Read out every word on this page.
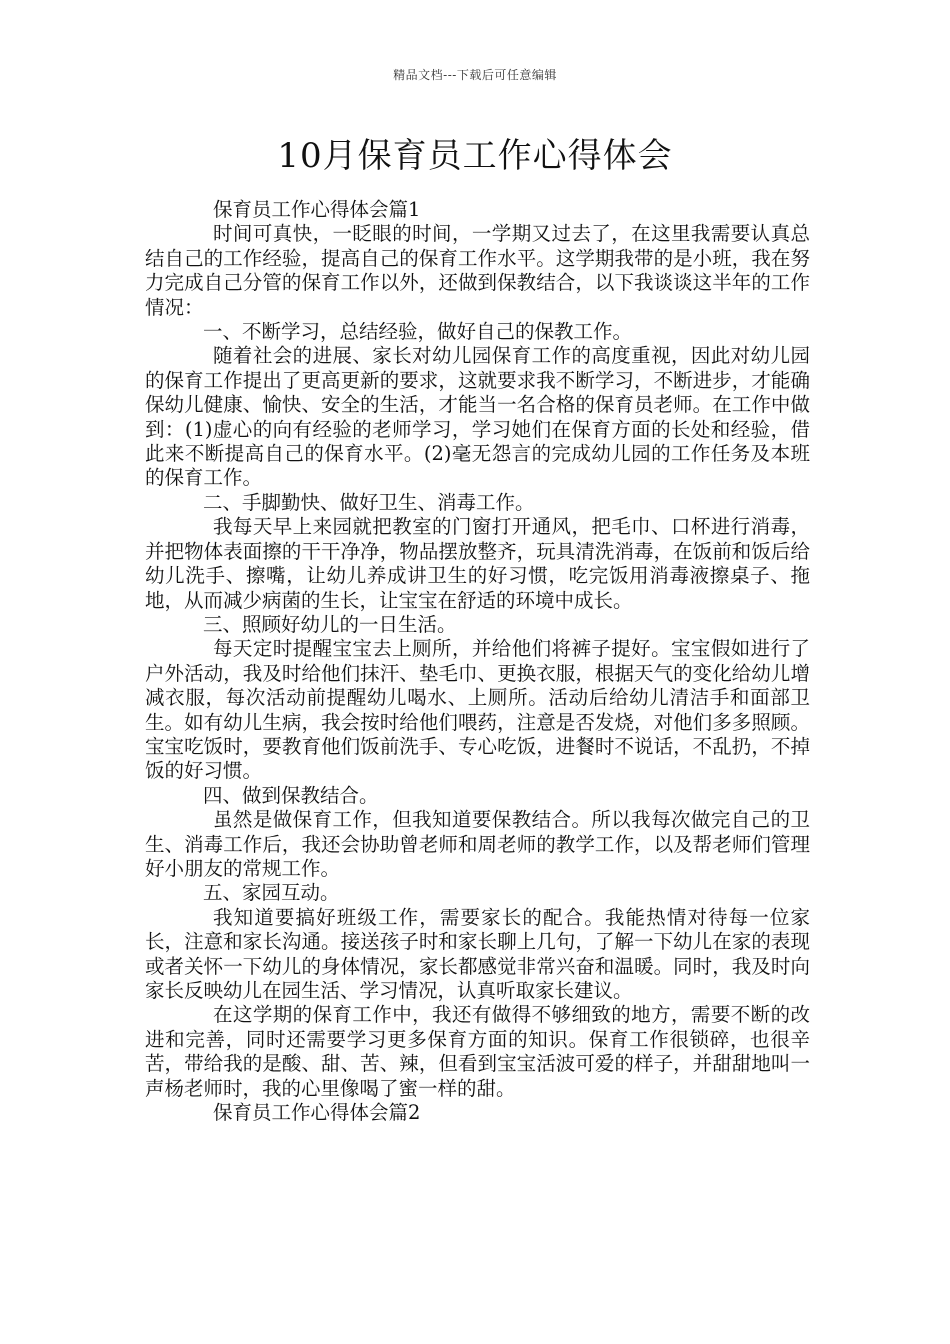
精品文档---下载后可任意编辑
10月保育员工作心得体会

保育员工作心得体会篇1

时间可真快，一眨眼的时间，一学期又过去了，在这里我需要认真总结自己的工作经验，提高自己的保育工作水平。这学期我带的是小班，我在努力完成自己分管的保育工作以外，还做到保教结合，以下我谈谈这半年的工作情况：

一、不断学习，总结经验，做好自己的保教工作。

随着社会的进展、家长对幼儿园保育工作的高度重视，因此对幼儿园的保育工作提出了更高更新的要求，这就要求我不断学习，不断进步，才能确保幼儿健康、愉快、安全的生活，才能当一名合格的保育员老师。在工作中做到：(1)虚心的向有经验的老师学习，学习她们在保育方面的长处和经验，借此来不断提高自己的保育水平。(2)毫无怨言的完成幼儿园的工作任务及本班的保育工作。

二、手脚勤快、做好卫生、消毒工作。

我每天早上来园就把教室的门窗打开通风，把毛巾、口杯进行消毒，并把物体表面擦的干干净净，物品摆放整齐，玩具清洗消毒，在饭前和饭后给幼儿洗手、擦嘴，让幼儿养成讲卫生的好习惯，吃完饭用消毒液擦桌子、拖地，从而减少病菌的生长，让宝宝在舒适的环境中成长。

三、照顾好幼儿的一日生活。

每天定时提醒宝宝去上厕所，并给他们将裤子提好。宝宝假如进行了户外活动，我及时给他们抹汗、垫毛巾、更换衣服，根据天气的变化给幼儿增减衣服，每次活动前提醒幼儿喝水、上厕所。活动后给幼儿清洁手和面部卫生。如有幼儿生病，我会按时给他们喂药，注意是否发烧，对他们多多照顾。宝宝吃饭时，要教育他们饭前洗手、专心吃饭，进餐时不说话，不乱扔，不掉饭的好习惯。

四、做到保教结合。

虽然是做保育工作，但我知道要保教结合。所以我每次做完自己的卫生、消毒工作后，我还会协助曾老师和周老师的教学工作，以及帮老师们管理好小朋友的常规工作。

五、家园互动。

我知道要搞好班级工作，需要家长的配合。我能热情对待每一位家长，注意和家长沟通。接送孩子时和家长聊上几句，了解一下幼儿在家的表现或者关怀一下幼儿的身体情况，家长都感觉非常兴奋和温暖。同时，我及时向家长反映幼儿在园生活、学习情况，认真听取家长建议。

在这学期的保育工作中，我还有做得不够细致的地方，需要不断的改进和完善，同时还需要学习更多保育方面的知识。保育工作很锁碎，也很辛苦，带给我的是酸、甜、苦、辣，但看到宝宝活波可爱的样子，并甜甜地叫一声杨老师时，我的心里像喝了蜜一样的甜。

保育员工作心得体会篇2
